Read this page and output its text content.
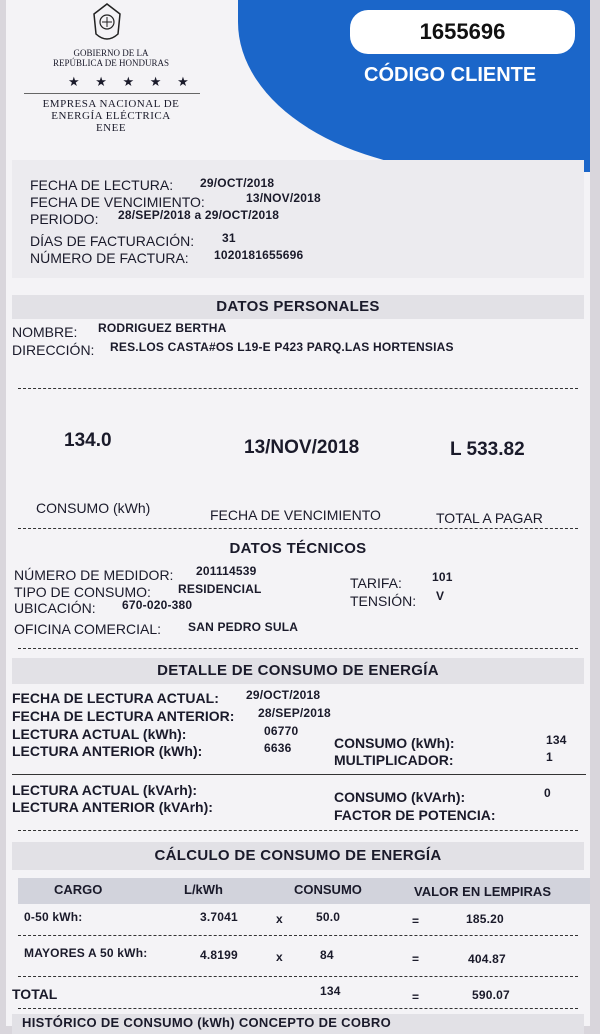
1655696
CÓDIGO CLIENTE
GOBIERNO DE LA
REPÚBLICA DE HONDURAS
★ ★ ★ ★ ★
EMPRESA NACIONAL DE
ENERGÍA ELÉCTRICA
ENEE
FECHA DE LECTURA: 29/OCT/2018
FECHA DE VENCIMIENTO:	13/NOV/2018
PERIODO: 28/SEP/2018 a 29/OCT/2018
DÍAS DE FACTURACIÓN: 31
NÚMERO DE FACTURA: 1020181655696
DATOS PERSONALES
NOMBRE: RODRIGUEZ BERTHA
DIRECCIÓN: RES.LOS CASTA#OS L19-E P423 PARQ.LAS HORTENSIAS
134.0	13/NOV/2018	L 533.82
CONSUMO (kWh)	FECHA DE VENCIMIENTO	TOTAL A PAGAR
DATOS TÉCNICOS
NÚMERO DE MEDIDOR: 201114539
TIPO DE CONSUMO: RESIDENCIAL
UBICACIÓN: 670-020-380
OFICINA COMERCIAL: SAN PEDRO SULA
TARIFA:	101
TENSIÓN: V
DETALLE DE CONSUMO DE ENERGÍA
FECHA DE LECTURA ACTUAL: 29/OCT/2018
FECHA DE LECTURA ANTERIOR: 28/SEP/2018
LECTURA ACTUAL (kWh):	06770
LECTURA ANTERIOR (kWh):	6636	CONSUMO (kWh):	134
MULTIPLICADOR:	1
LECTURA ACTUAL (kVArh):
LECTURA ANTERIOR (kVArh):
CONSUMO (kVArh):	0
FACTOR DE POTENCIA:
CÁLCULO DE CONSUMO DE ENERGÍA
CARGO	L/kWh	CONSUMO	VALOR EN LEMPIRAS
0-50 kWh:	3.7041	x	50.0	=	185.20
MAYORES A 50 kWh:	4.8199	x	84	=	404.87
TOTAL	134	=	590.07
HISTÓRICO DE CONSUMO (kWh) CONCEPTO DE COBRO
